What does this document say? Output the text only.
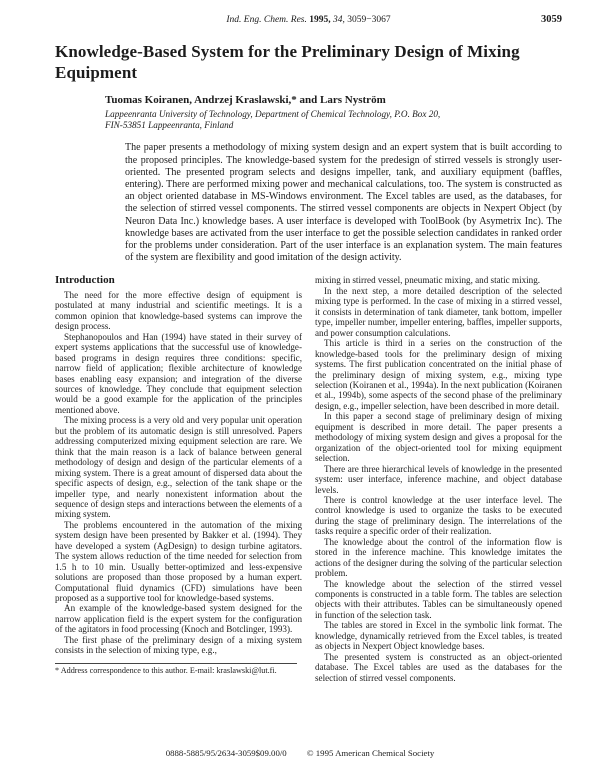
Ind. Eng. Chem. Res. 1995, 34, 3059−3067	3059
Knowledge-Based System for the Preliminary Design of Mixing Equipment
Tuomas Koiranen, Andrzej Kraslawski,* and Lars Nyström
Lappeenranta University of Technology, Department of Chemical Technology, P.O. Box 20,
FIN-53851 Lappeenranta, Finland
The paper presents a methodology of mixing system design and an expert system that is built according to the proposed principles. The knowledge-based system for the predesign of stirred vessels is strongly user-oriented. The presented program selects and designs impeller, tank, and auxiliary equipment (baffles, entering). There are performed mixing power and mechanical calculations, too. The system is constructed as an object oriented database in MS-Windows environment. The Excel tables are used, as the databases, for the selection of stirred vessel components. The stirred vessel components are objects in Nexpert Object (by Neuron Data Inc.) knowledge bases. A user interface is developed with ToolBook (by Asymetrix Inc). The knowledge bases are activated from the user interface to get the possible selection candidates in ranked order for the problems under consideration. Part of the user interface is an explanation system. The main features of the system are flexibility and good imitation of the design activity.
Introduction

The need for the more effective design of equipment is postulated at many industrial and scientific meetings. It is a common opinion that knowledge-based systems can improve the design process.

Stephanopoulos and Han (1994) have stated in their survey of expert systems applications that the successful use of knowledge-based programs in design requires three conditions: specific, narrow field of application; flexible architecture of knowledge bases enabling easy expansion; and integration of the diverse sources of knowledge. They conclude that equipment selection would be a good example for the application of the principles mentioned above.

The mixing process is a very old and very popular unit operation but the problem of its automatic design is still unresolved. Papers addressing computerized mixing equipment selection are rare. We think that the main reason is a lack of balance between general methodology of design and design of the particular elements of a mixing system. There is a great amount of dispersed data about the specific aspects of design, e.g., selection of the tank shape or the impeller type, and nearly nonexistent information about the sequence of design steps and interactions between the elements of a mixing system.

The problems encountered in the automation of the mixing system design have been presented by Bakker et al. (1994). They have developed a system (AgDesign) to design turbine agitators. The system allows reduction of the time needed for selection from 1.5 h to 10 min. Usually better-optimized and less-expensive solutions are proposed than those proposed by a human expert. Computational fluid dynamics (CFD) simulations have been proposed as a supportive tool for knowledge-based systems.

An example of the knowledge-based system designed for the narrow application field is the expert system for the configuration of the agitators in food processing (Knoch and Botclinger, 1993).

The first phase of the preliminary design of a mixing system consists in the selection of mixing type, e.g.,

* Address correspondence to this author. E-mail: kraslawski@lut.fi.

mixing in stirred vessel, pneumatic mixing, and static mixing.

In the next step, a more detailed description of the selected mixing type is performed. In the case of mixing in a stirred vessel, it consists in determination of tank diameter, tank bottom, impeller type, impeller number, impeller entering, baffles, impeller supports, and power consumption calculations.

This article is third in a series on the construction of the knowledge-based tools for the preliminary design of mixing systems. The first publication concentrated on the initial phase of the preliminary design of mixing system, e.g., mixing type selection (Koiranen et al., 1994a). In the next publication (Koiranen et al., 1994b), some aspects of the second phase of the preliminary design, e.g., impeller selection, have been described in more detail.

In this paper a second stage of preliminary design of mixing equipment is described in more detail. The paper presents a methodology of mixing system design and gives a proposal for the organization of the object-oriented tool for mixing equipment selection.

There are three hierarchical levels of knowledge in the presented system: user interface, inference machine, and object database levels.

There is control knowledge at the user interface level. The control knowledge is used to organize the tasks to be executed during the stage of preliminary design. The interrelations of the tasks require a specific order of their realization.

The knowledge about the control of the information flow is stored in the inference machine. This knowledge imitates the actions of the designer during the solving of the particular selection problem.

The knowledge about the selection of the stirred vessel components is constructed in a table form. The tables are selection objects with their attributes. Tables can be simultaneously opened in function of the selection task.

The tables are stored in Excel in the symbolic link format. The knowledge, dynamically retrieved from the Excel tables, is treated as objects in Nexpert Object knowledge bases.

The presented system is constructed as an object-oriented database. The Excel tables are used as the databases for the selection of stirred vessel components.

0888-5885/95/2634-3059$09.00/0 © 1995 American Chemical Society
